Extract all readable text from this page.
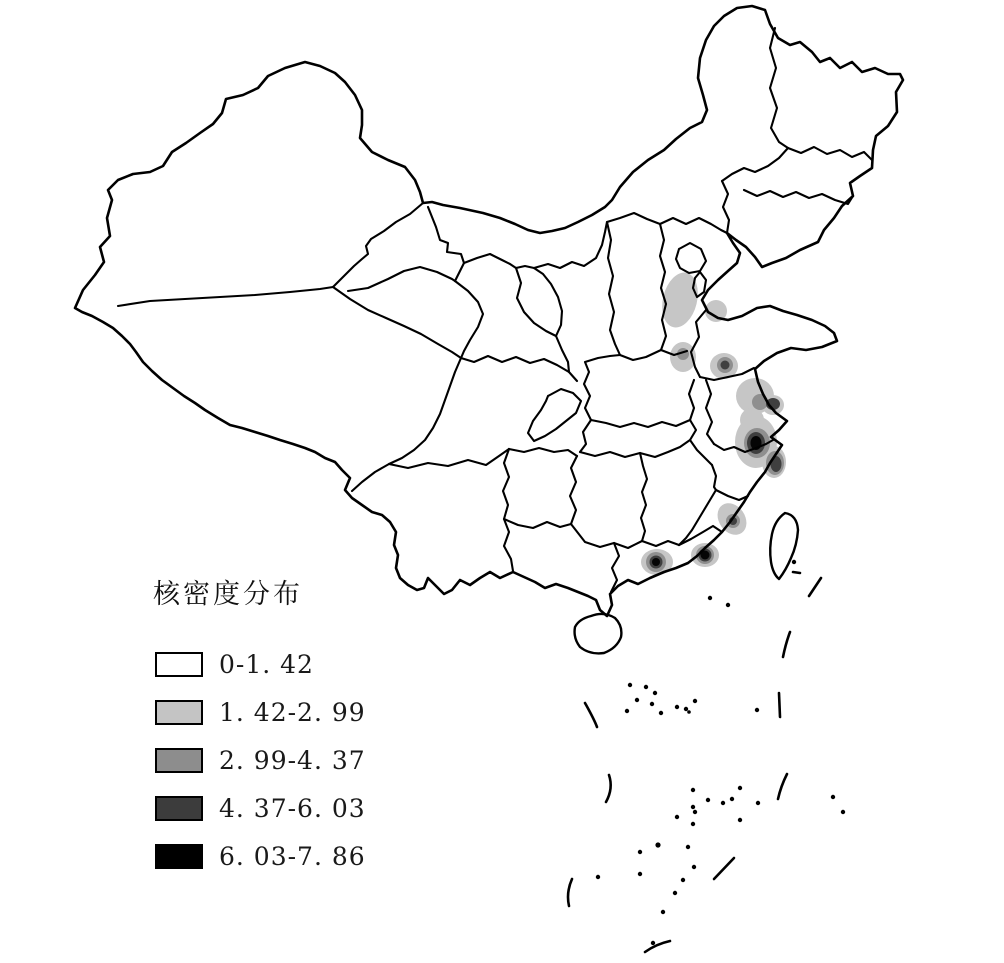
核密度分布
0-1. 42
1. 42-2. 99
2. 99-4. 37
4. 37-6. 03
6. 03-7. 86
